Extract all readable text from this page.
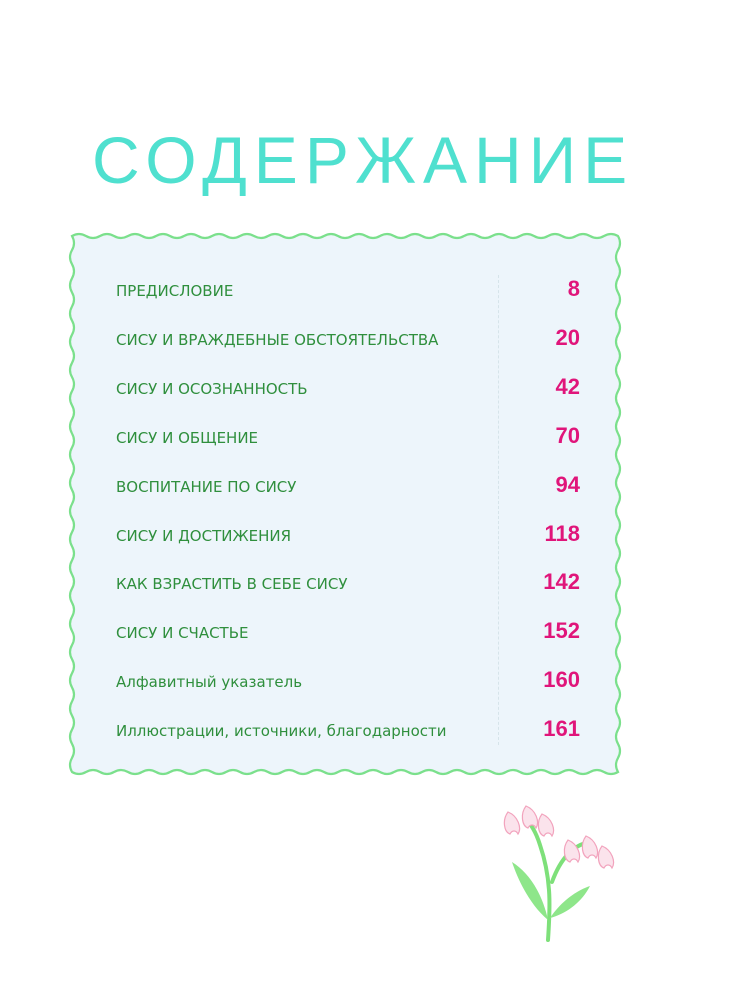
СОДЕРЖАНИЕ
ПРЕДИСЛОВИЕ	8
СИСУ И ВРАЖДЕБНЫЕ ОБСТОЯТЕЛЬСТВА	20
СИСУ И ОСОЗНАННОСТЬ	42
СИСУ И ОБЩЕНИЕ	70
ВОСПИТАНИЕ ПО СИСУ	94
СИСУ И ДОСТИЖЕНИЯ	118
КАК ВЗРАСТИТЬ В СЕБЕ СИСУ	142
СИСУ И СЧАСТЬЕ	152
Алфавитный указатель	160
Иллюстрации, источники, благодарности	161
